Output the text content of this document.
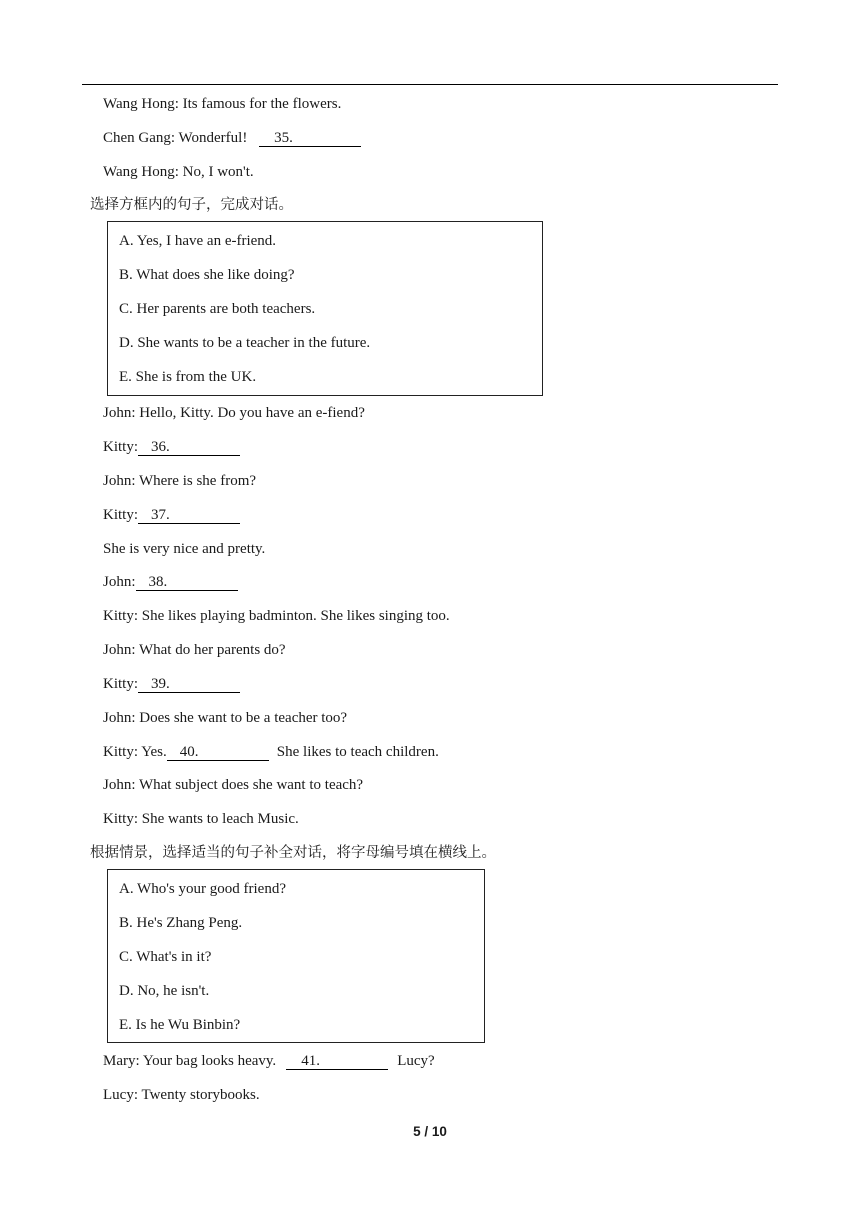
Wang Hong: Its famous for the flowers.
Chen Gang: Wonderful! 35.
Wang Hong: No, I won't.
选择方框内的句子，完成对话。
A. Yes, I have an e-friend.
B. What does she like doing?
C. Her parents are both teachers.
D. She wants to be a teacher in the future.
E. She is from the UK.
John: Hello, Kitty. Do you have an e-fiend?
Kitty: 36.
John: Where is she from?
Kitty: 37.
She is very nice and pretty.
John: 38.
Kitty: She likes playing badminton. She likes singing too.
John: What do her parents do?
Kitty: 39.
John: Does she want to be a teacher too?
Kitty: Yes. 40.	She likes to teach children.
John: What subject does she want to teach?
Kitty: She wants to leach Music.
根据情景，选择适当的句子补全对话，将字母编号填在横线上。
A. Who's your good friend?
B. He's Zhang Peng.
C. What's in it?
D. No, he isn't.
E. Is he Wu Binbin?
Mary: Your bag looks heavy. 41.	Lucy?
Lucy: Twenty storybooks.
5 / 10
